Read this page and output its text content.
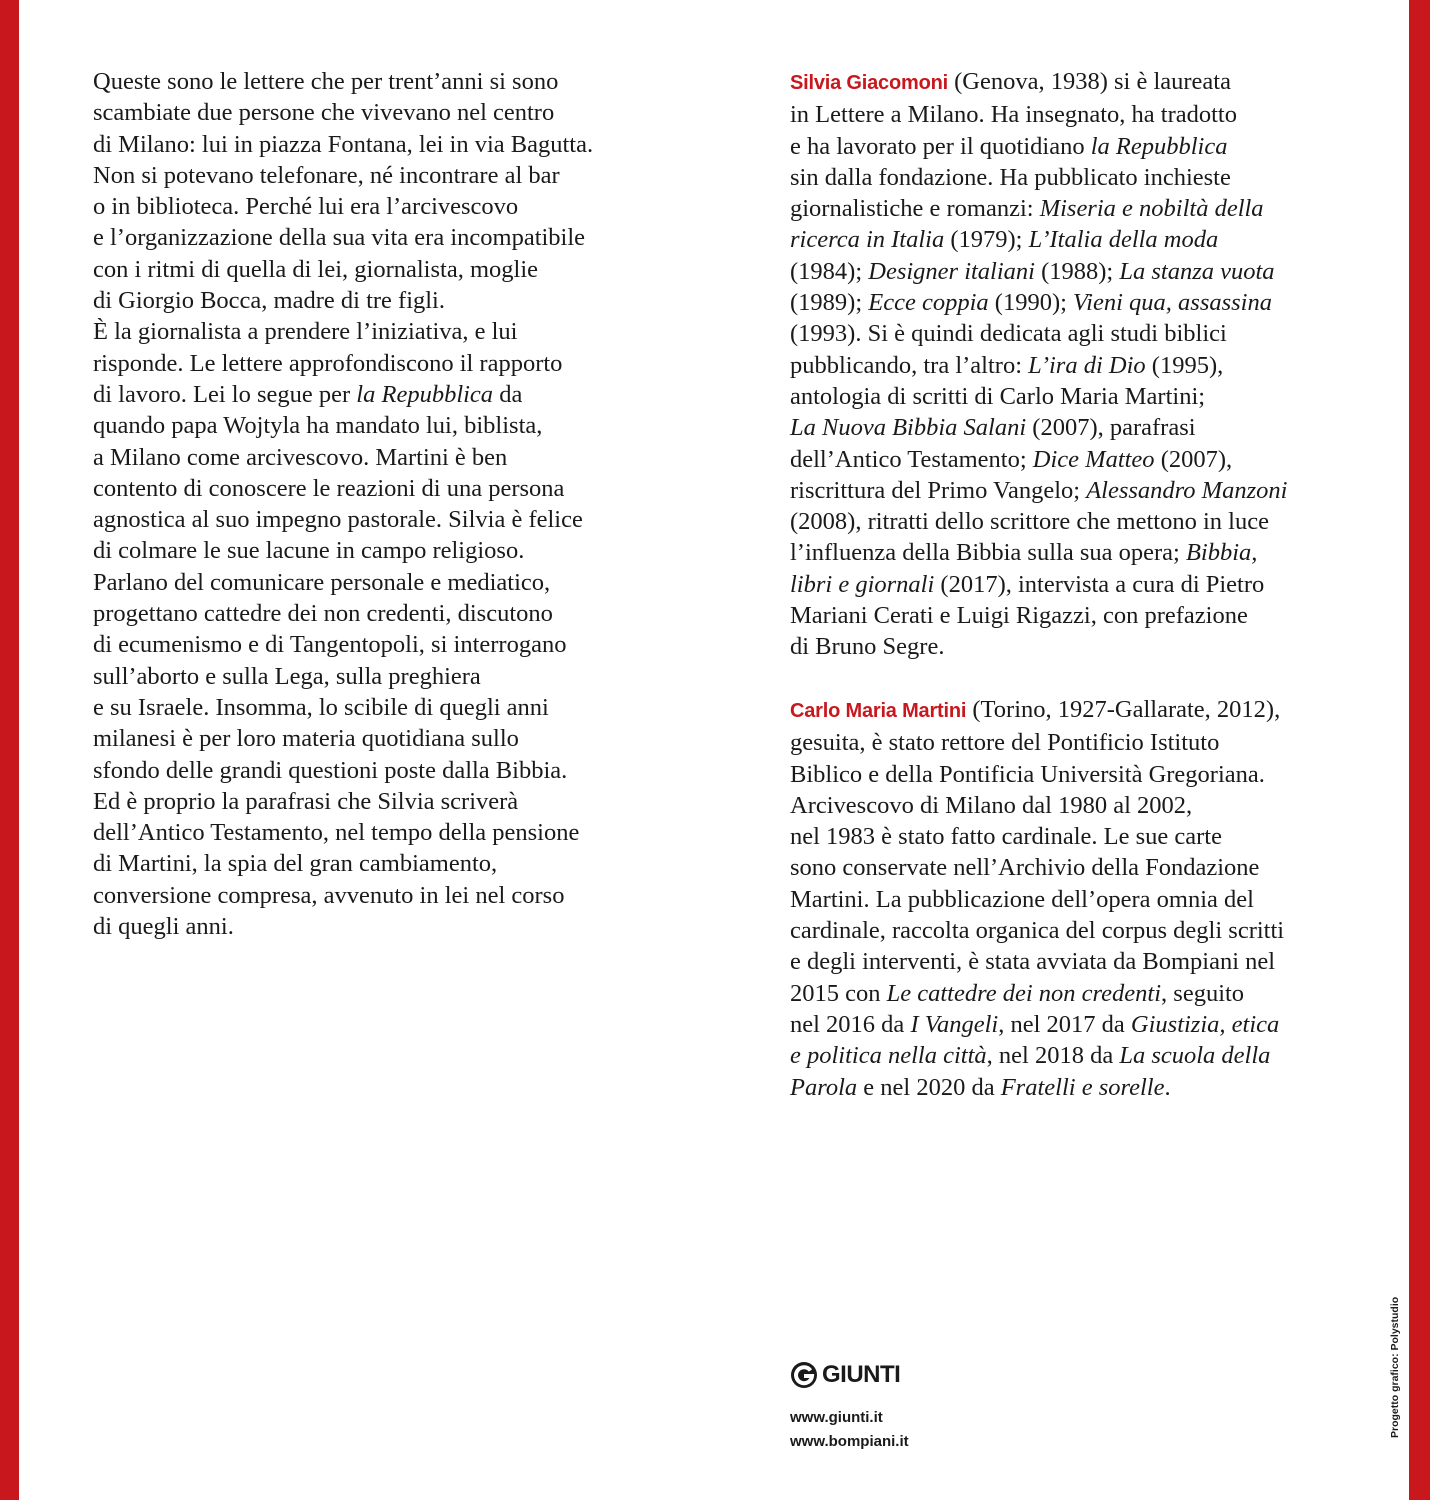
Queste sono le lettere che per trent’anni si sono
scambiate due persone che vivevano nel centro
di Milano: lui in piazza Fontana, lei in via Bagutta.
Non si potevano telefonare, né incontrare al bar
o in biblioteca. Perché lui era l’arcivescovo
e l’organizzazione della sua vita era incompatibile
con i ritmi di quella di lei, giornalista, moglie
di Giorgio Bocca, madre di tre figli.
È la giornalista a prendere l’iniziativa, e lui
risponde. Le lettere approfondiscono il rapporto
di lavoro. Lei lo segue per la Repubblica da
quando papa Wojtyla ha mandato lui, biblista,
a Milano come arcivescovo. Martini è ben
contento di conoscere le reazioni di una persona
agnostica al suo impegno pastorale. Silvia è felice
di colmare le sue lacune in campo religioso.
Parlano del comunicare personale e mediatico,
progettano cattedre dei non credenti, discutono
di ecumenismo e di Tangentopoli, si interrogano
sull’aborto e sulla Lega, sulla preghiera
e su Israele. Insomma, lo scibile di quegli anni
milanesi è per loro materia quotidiana sullo
sfondo delle grandi questioni poste dalla Bibbia.
Ed è proprio la parafrasi che Silvia scriverà
dell’Antico Testamento, nel tempo della pensione
di Martini, la spia del gran cambiamento,
conversione compresa, avvenuto in lei nel corso
di quegli anni.
Silvia Giacomoni (Genova, 1938) si è laureata
in Lettere a Milano. Ha insegnato, ha tradotto
e ha lavorato per il quotidiano la Repubblica
sin dalla fondazione. Ha pubblicato inchieste
giornalistiche e romanzi: Miseria e nobiltà della
ricerca in Italia (1979); L’Italia della moda
(1984); Designer italiani (1988); La stanza vuota
(1989); Ecce coppia (1990); Vieni qua, assassina
(1993). Si è quindi dedicata agli studi biblici
pubblicando, tra l’altro: L’ira di Dio (1995),
antologia di scritti di Carlo Maria Martini;
La Nuova Bibbia Salani (2007), parafrasi
dell’Antico Testamento; Dice Matteo (2007),
riscrittura del Primo Vangelo; Alessandro Manzoni
(2008), ritratti dello scrittore che mettono in luce
l’influenza della Bibbia sulla sua opera; Bibbia,
libri e giornali (2017), intervista a cura di Pietro
Mariani Cerati e Luigi Rigazzi, con prefazione
di Bruno Segre.
Carlo Maria Martini (Torino, 1927-Gallarate, 2012),
gesuita, è stato rettore del Pontificio Istituto
Biblico e della Pontificia Università Gregoriana.
Arcivescovo di Milano dal 1980 al 2002,
nel 1983 è stato fatto cardinale. Le sue carte
sono conservate nell’Archivio della Fondazione
Martini. La pubblicazione dell’opera omnia del
cardinale, raccolta organica del corpus degli scritti
e degli interventi, è stata avviata da Bompiani nel
2015 con Le cattedre dei non credenti, seguito
nel 2016 da I Vangeli, nel 2017 da Giustizia, etica
e politica nella città, nel 2018 da La scuola della
Parola e nel 2020 da Fratelli e sorelle.
GIUNTI
www.giunti.it
www.bompiani.it
Progetto grafico: Polystudio
